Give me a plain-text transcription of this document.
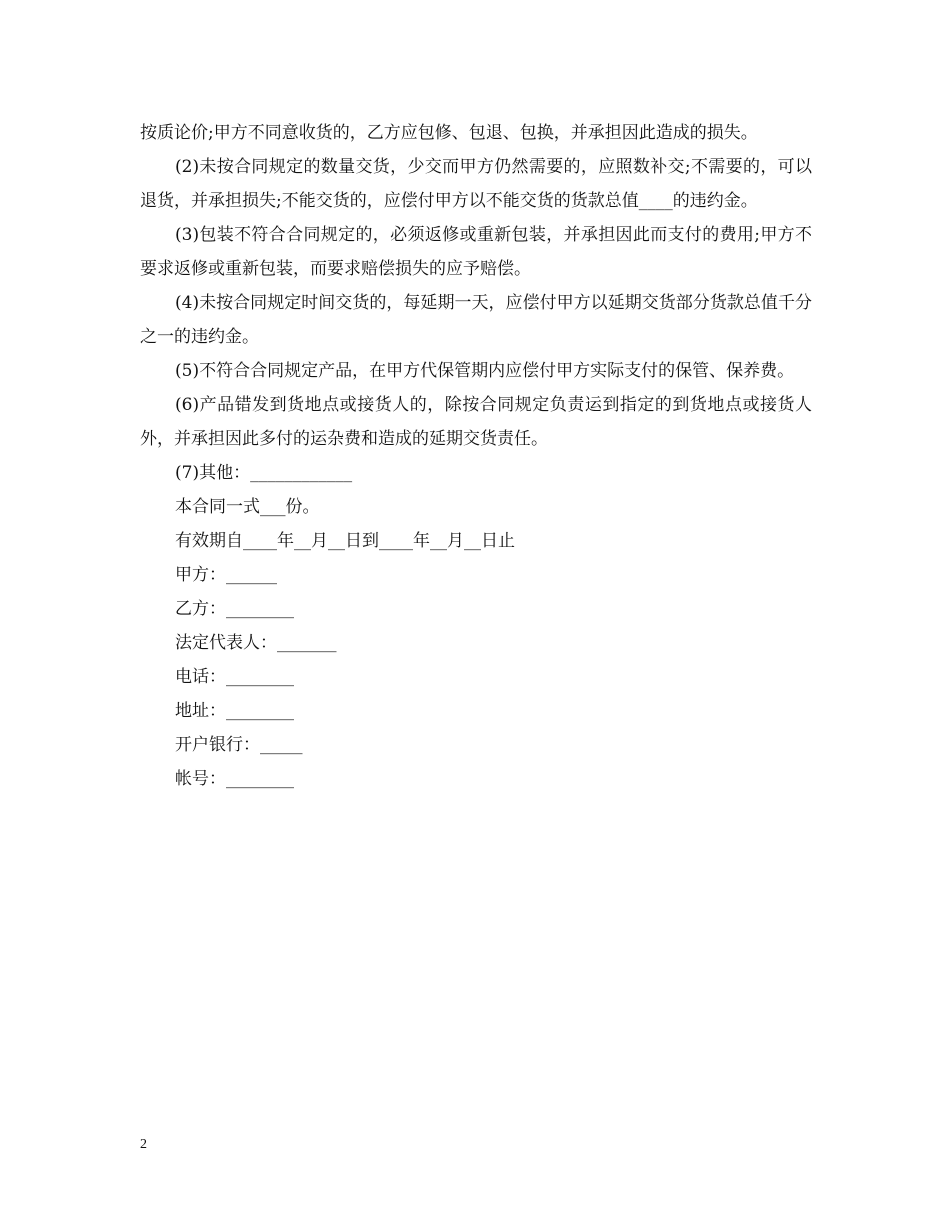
按质论价;甲方不同意收货的，乙方应包修、包退、包换，并承担因此造成的损失。

(2)未按合同规定的数量交货，少交而甲方仍然需要的，应照数补交;不需要的，可以退货，并承担损失;不能交货的，应偿付甲方以不能交货的货款总值____的违约金。

(3)包装不符合合同规定的，必须返修或重新包装，并承担因此而支付的费用;甲方不要求返修或重新包装，而要求赔偿损失的应予赔偿。

(4)未按合同规定时间交货的，每延期一天，应偿付甲方以延期交货部分货款总值千分之一的违约金。

(5)不符合合同规定产品，在甲方代保管期内应偿付甲方实际支付的保管、保养费。

(6)产品错发到货地点或接货人的，除按合同规定负责运到指定的到货地点或接货人外，并承担因此多付的运杂费和造成的延期交货责任。

(7)其他：____________

本合同一式___份。

有效期自____年__月__日到____年__月__日止

甲方：______

乙方：________

法定代表人：_______

电话：________

地址：________

开户银行：_____

帐号：________

2
